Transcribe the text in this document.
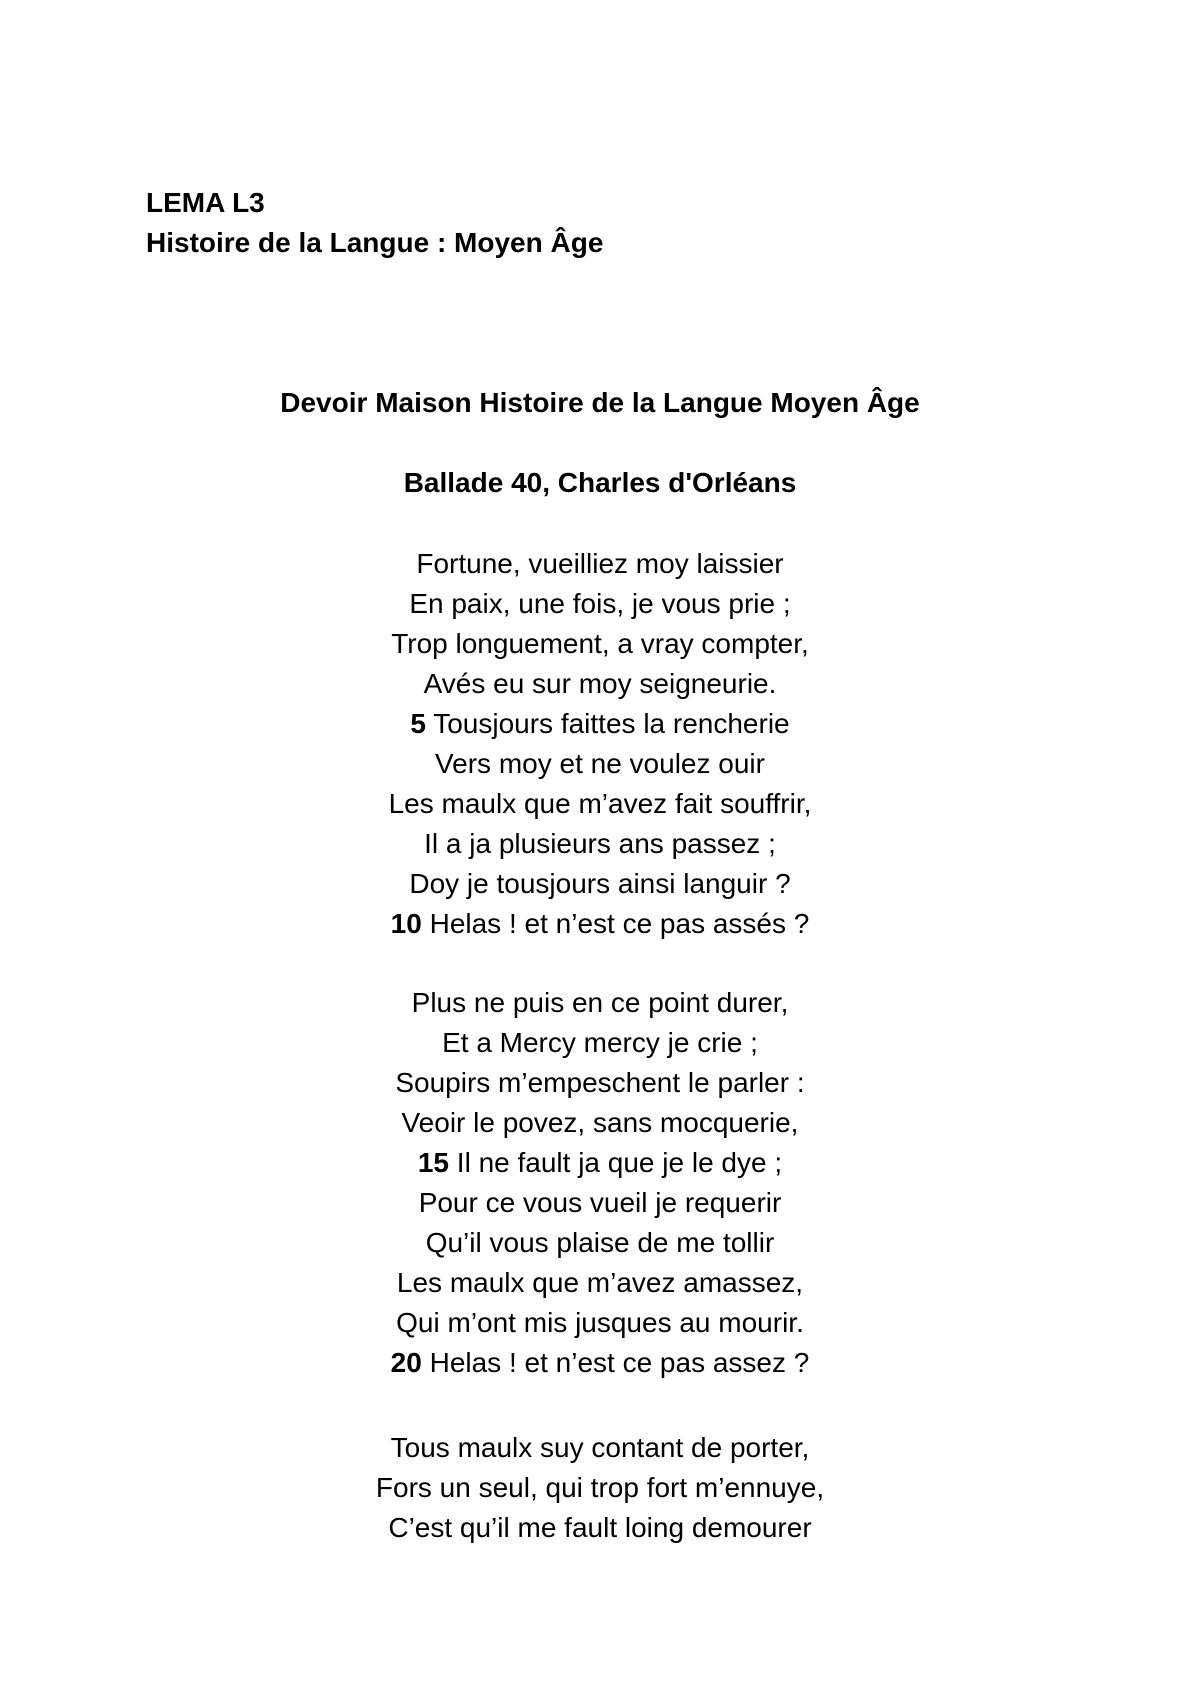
LEMA L3
Histoire de la Langue : Moyen Âge
Devoir Maison Histoire de la Langue Moyen Âge
Ballade 40, Charles d'Orléans
Fortune, vueilliez moy laissier
En paix, une fois, je vous prie ;
Trop longuement, a vray compter,
Avés eu sur moy seigneurie.
5 Tousjours faittes la rencherie
Vers moy et ne voulez ouir
Les maulx que m’avez fait souffrir,
Il a ja plusieurs ans passez ;
Doy je tousjours ainsi languir ?
10 Helas ! et n’est ce pas assés ?
Plus ne puis en ce point durer,
Et a Mercy mercy je crie ;
Soupirs m’empeschent le parler :
Veoir le povez, sans mocquerie,
15 Il ne fault ja que je le dye ;
Pour ce vous vueil je requerir
Qu’il vous plaise de me tollir
Les maulx que m’avez amassez,
Qui m’ont mis jusques au mourir.
20 Helas ! et n’est ce pas assez ?
Tous maulx suy contant de porter,
Fors un seul, qui trop fort m’ennuye,
C’est qu’il me fault loing demourer
